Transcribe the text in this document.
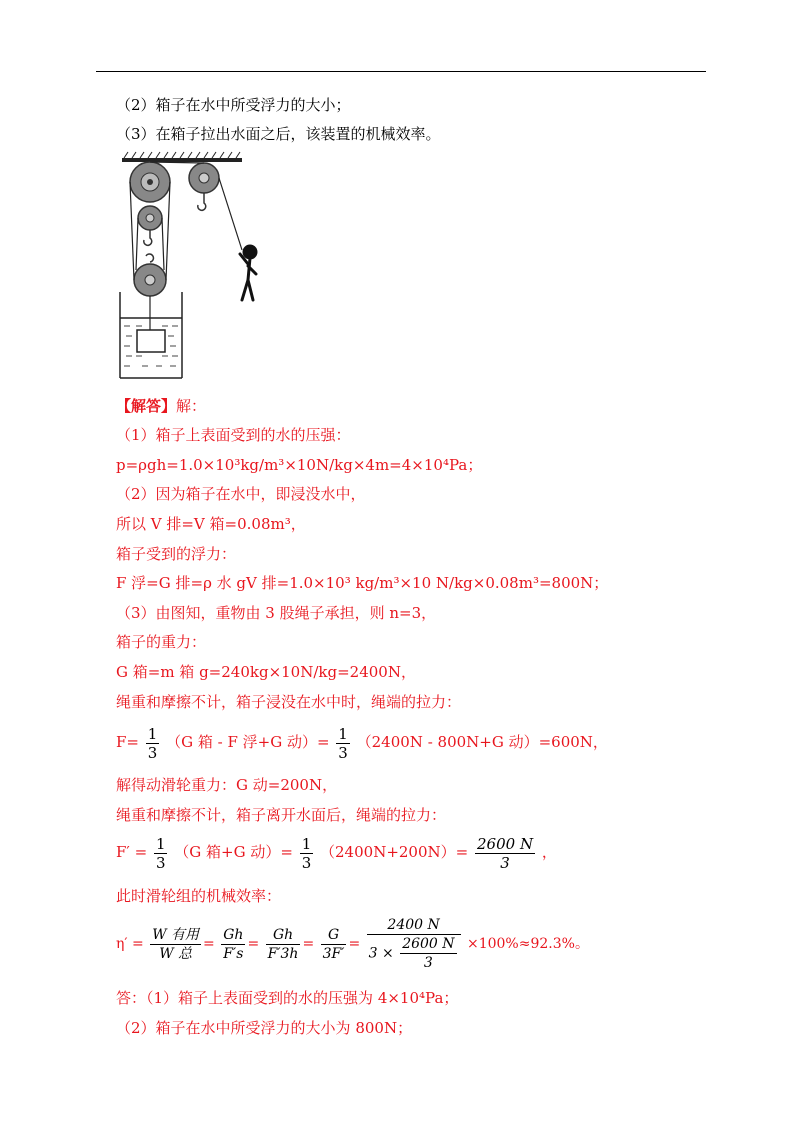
（2）箱子在水中所受浮力的大小；
（3）在箱子拉出水面之后，该装置的机械效率。
【解答】解：
（1）箱子上表面受到的水的压强：
p=ρgh=1.0×10³kg/m³×10N/kg×4m=4×10⁴Pa；
（2）因为箱子在水中，即浸没水中，
所以 V 排=V 箱=0.08m³，
箱子受到的浮力：
F 浮=G 排=ρ 水 gV 排=1.0×10³ kg/m³×10 N/kg×0.08m³=800N；
（3）由图知，重物由 3 股绳子承担，则 n=3，
箱子的重力：
G 箱=m 箱 g=240kg×10N/kg=2400N，
绳重和摩擦不计，箱子浸没在水中时，绳端的拉力：
$F= \frac{1}{3} (G$ 箱 - F 浮+G 动）= $\frac{1}{3} (2400N - 800N+G$ 动）=600N，
解得动滑轮重力：G 动=200N，
绳重和摩擦不计，箱子离开水面后，绳端的拉力：
$F' = \frac{1}{3} (G$ 箱+G 动）= $\frac{1}{3} (2400N+200N)= \frac{2600 N}{3}$ ，
此时滑轮组的机械效率：
$\eta' = \frac{\text{W 有用}}{\text{W 总}} = \frac{Gh}{F's} = \frac{Gh}{F'3h} = \frac{G}{3F'} = \frac{2400 N}{3 \times \frac{2600 N}{3}} \times 100\%\approx 92.3\%$。
答：（1）箱子上表面受到的水的压强为 4×10⁴Pa；
（2）箱子在水中所受浮力的大小为 800N；
